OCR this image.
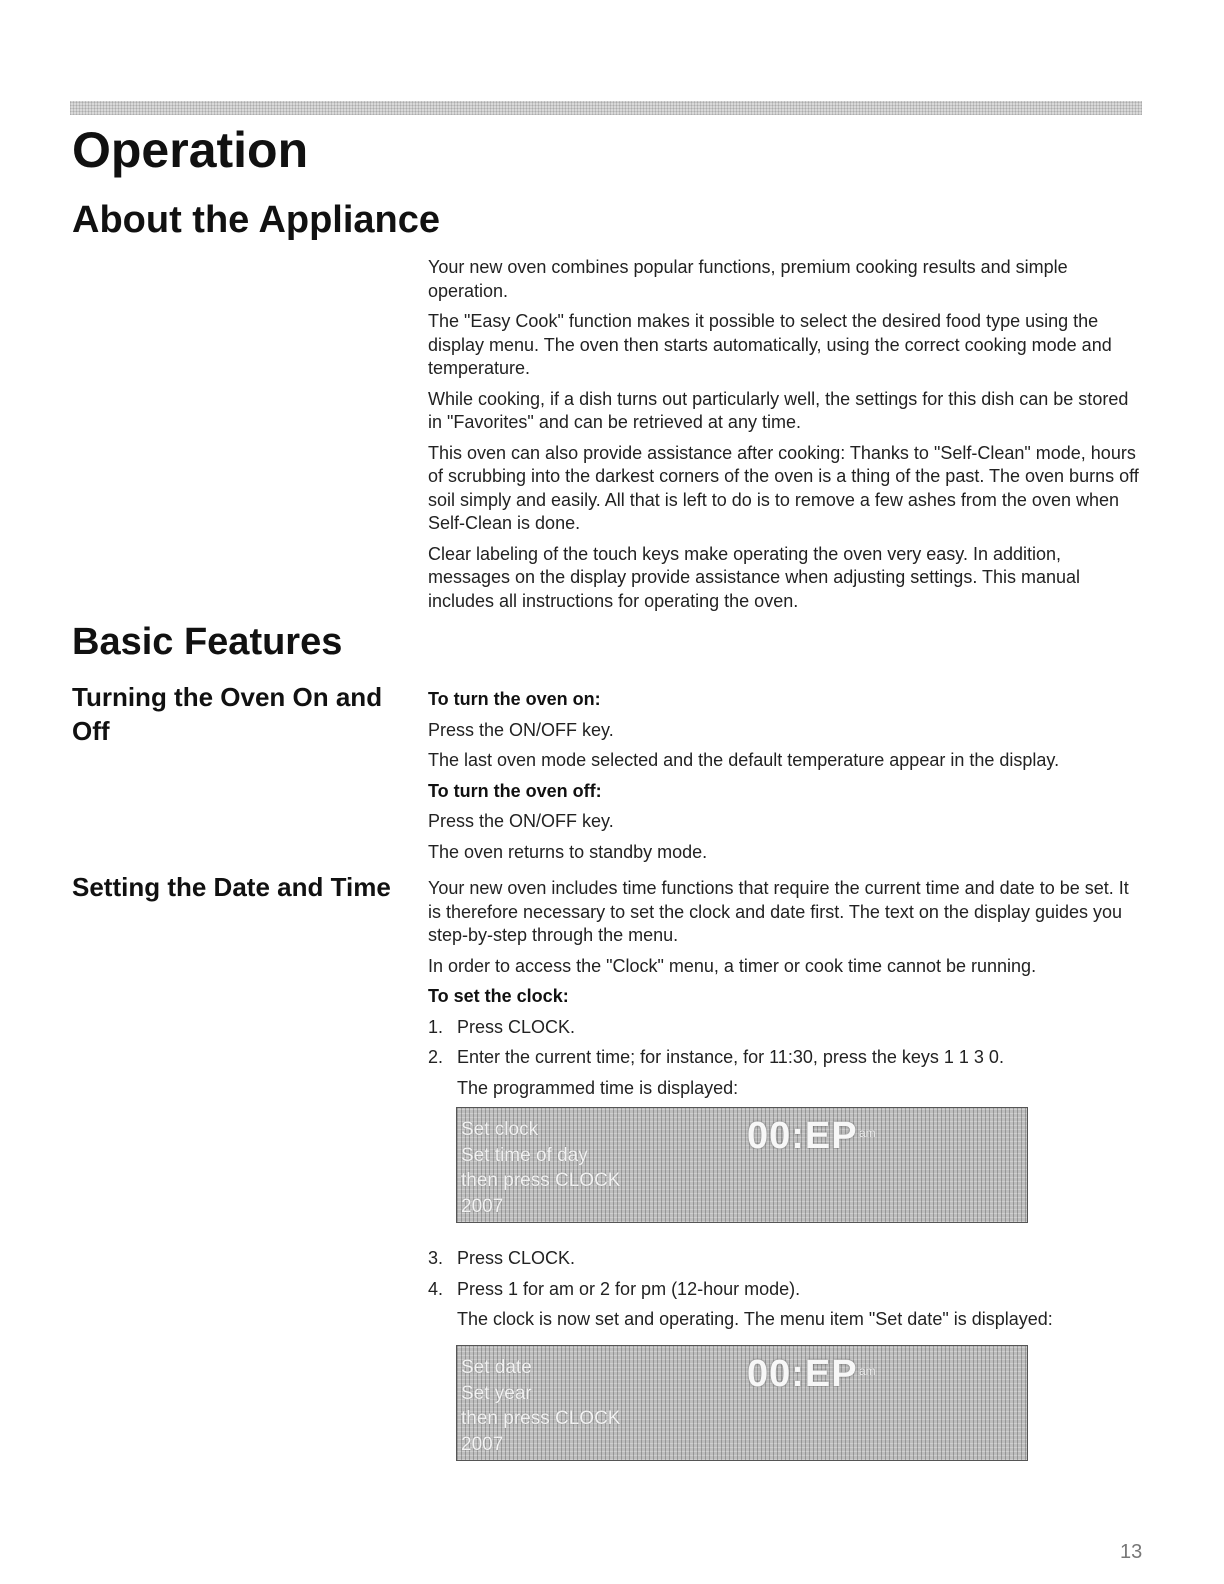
Operation
About the Appliance

Your new oven combines popular functions, premium cooking results and simple operation.

The "Easy Cook" function makes it possible to select the desired food type using the display menu. The oven then starts automatically, using the correct cooking mode and temperature.

While cooking, if a dish turns out particularly well, the settings for this dish can be stored in "Favorites" and can be retrieved at any time.

This oven can also provide assistance after cooking: Thanks to "Self-Clean" mode, hours of scrubbing into the darkest corners of the oven is a thing of the past. The oven burns off soil simply and easily. All that is left to do is to remove a few ashes from the oven when Self-Clean is done.

Clear labeling of the touch keys make operating the oven very easy. In addition, messages on the display provide assistance when adjusting settings. This manual includes all instructions for operating the oven.

Basic Features
Turning the Oven On and Off

To turn the oven on:

Press the ON/OFF key.

The last oven mode selected and the default temperature appear in the display.

To turn the oven off:

Press the ON/OFF key.

The oven returns to standby mode.

Setting the Date and Time Your new oven includes time functions that require the current time and date to be set. It is therefore necessary to set the clock and date first. The text on the display guides you step-by-step through the menu.

In order to access the "Clock" menu, a timer or cook time cannot be running.

To set the clock:

1. Press CLOCK.
2. Enter the current time; for instance, for 11:30, press the keys 1 1 3 0.

The programmed time is displayed:

Set clock
Set time of day
then press CLOCK
2007
00:EP am
3. Press CLOCK.
4. Press 1 for am or 2 for pm (12-hour mode).

The clock is now set and operating. The menu item "Set date" is displayed:

Set date
Set year
then press CLOCK
2007
00:EP am
13
